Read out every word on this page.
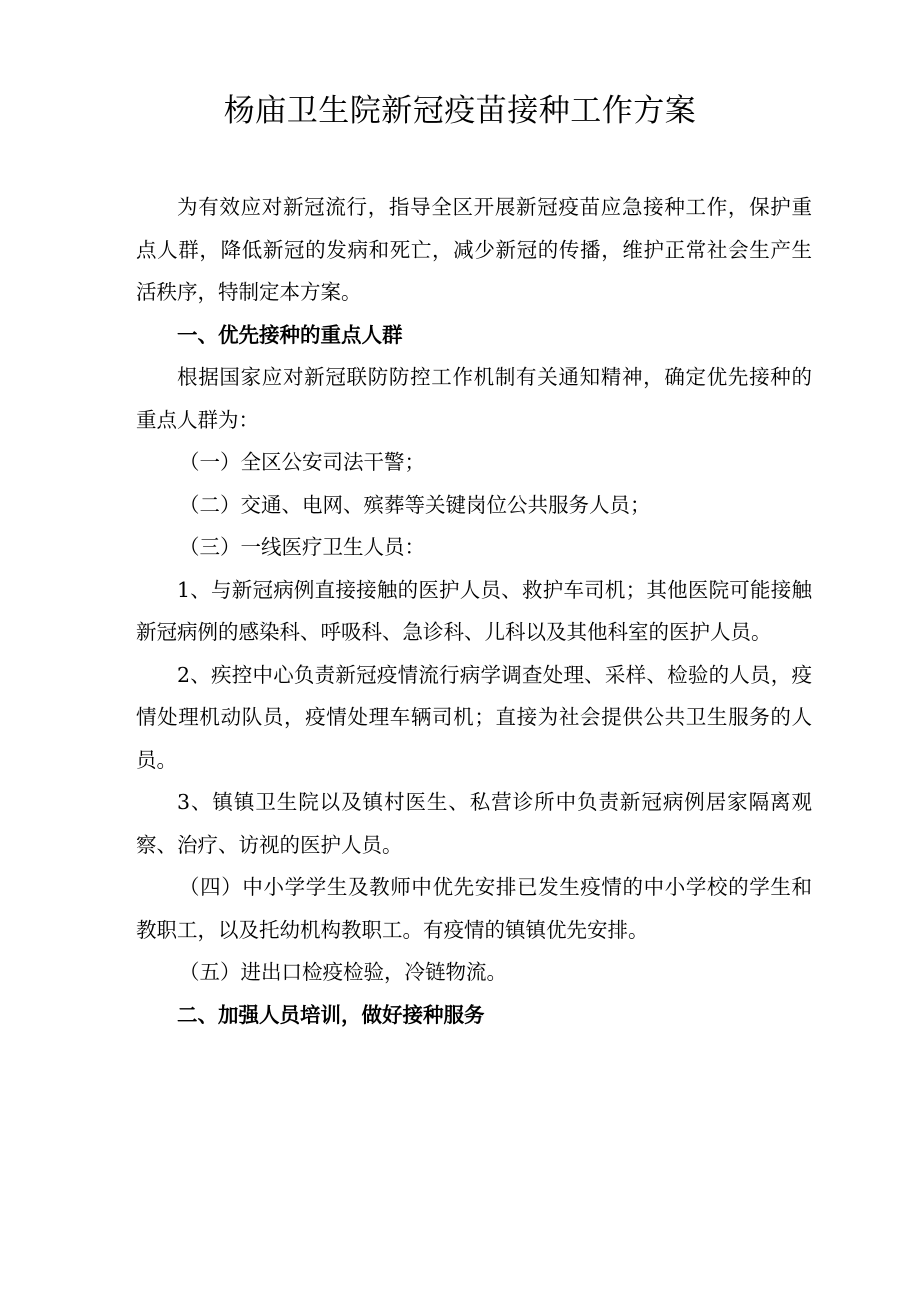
杨庙卫生院新冠疫苗接种工作方案

为有效应对新冠流行，指导全区开展新冠疫苗应急接种工作，保护重点人群，降低新冠的发病和死亡，减少新冠的传播，维护正常社会生产生活秩序，特制定本方案。

一、优先接种的重点人群

根据国家应对新冠联防防控工作机制有关通知精神，确定优先接种的重点人群为：

（一）全区公安司法干警；

（二）交通、电网、殡葬等关键岗位公共服务人员；

（三）一线医疗卫生人员：

1、与新冠病例直接接触的医护人员、救护车司机；其他医院可能接触新冠病例的感染科、呼吸科、急诊科、儿科以及其他科室的医护人员。

2、疾控中心负责新冠疫情流行病学调查处理、采样、检验的人员，疫情处理机动队员，疫情处理车辆司机；直接为社会提供公共卫生服务的人员。

3、镇镇卫生院以及镇村医生、私营诊所中负责新冠病例居家隔离观察、治疗、访视的医护人员。

（四）中小学学生及教师中优先安排已发生疫情的中小学校的学生和教职工，以及托幼机构教职工。有疫情的镇镇优先安排。

（五）进出口检疫检验，冷链物流。

二、加强人员培训，做好接种服务
